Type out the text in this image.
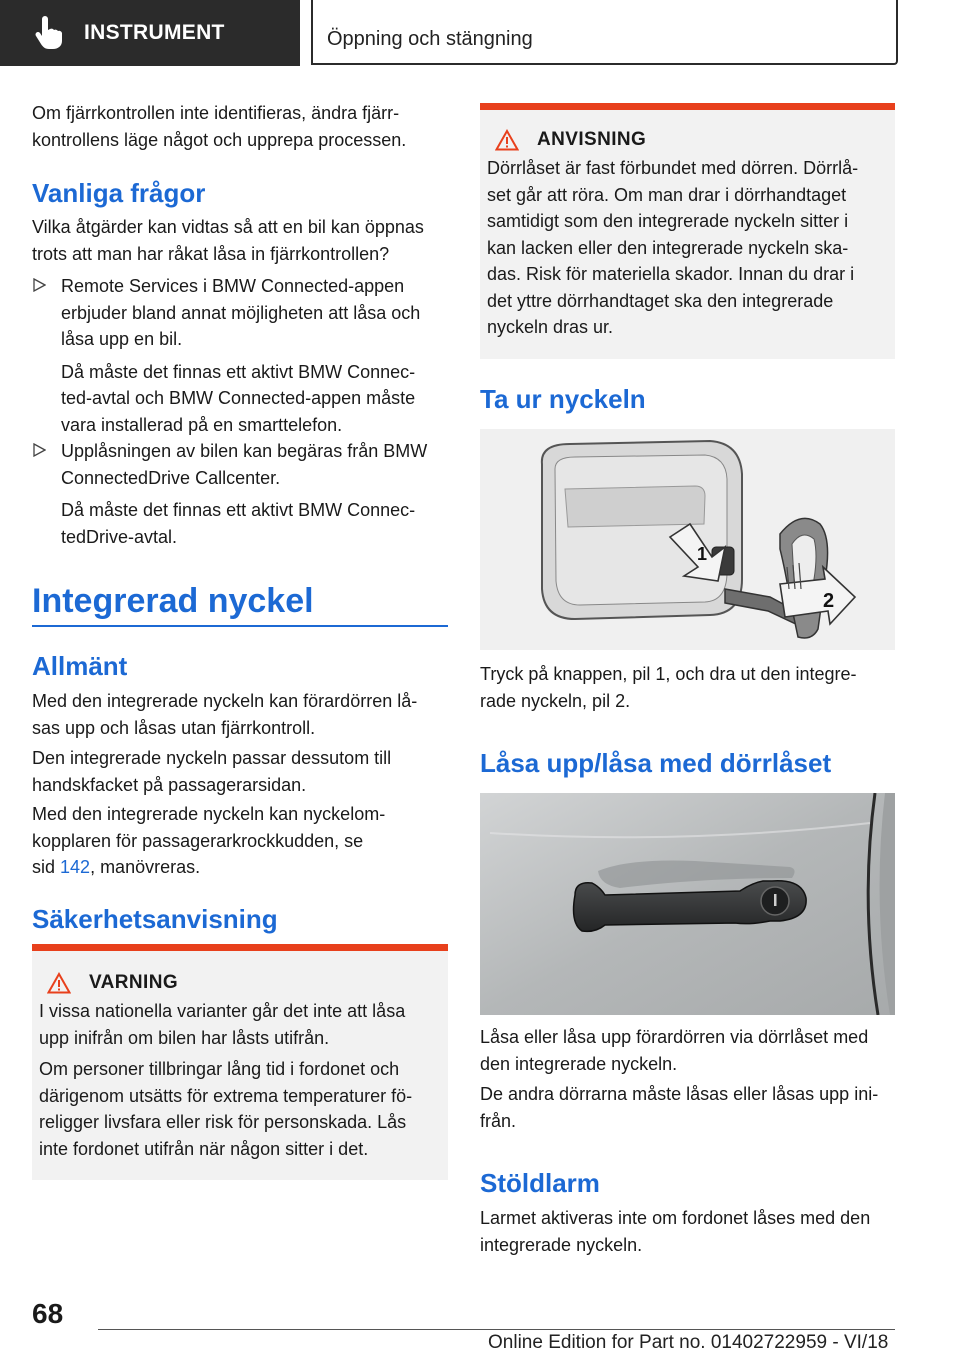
INSTRUMENT	Öppning och stängning

Om fjärrkontrollen inte identifieras, ändra fjärr-

kontrollens läge något och upprepa processen.

Vanliga frågor

Vilka åtgärder kan vidtas så att en bil kan öppnas

trots att man har råkat låsa in fjärrkontrollen?

Remote Services i BMW Connected-appen

erbjuder bland annat möjligheten att låsa och

låsa upp en bil.

Då måste det finnas ett aktivt BMW Connec-

ted-avtal och BMW Connected-appen måste

vara installerad på en smarttelefon.

Upplåsningen av bilen kan begäras från BMW

ConnectedDrive Callcenter.

Då måste det finnas ett aktivt BMW Connec-

tedDrive-avtal.

Integrerad nyckel
Allmänt

Med den integrerade nyckeln kan förardörren lå-

sas upp och låsas utan fjärrkontroll.

Den integrerade nyckeln passar dessutom till

handskfacket på passagerarsidan.

Med den integrerade nyckeln kan nyckelom-

kopplaren för passagerarkrockkudden, se

sid 142, manövreras.

Säkerhetsanvisning
VARNING

I vissa nationella varianter går det inte att låsa

upp inifrån om bilen har låsts utifrån.

Om personer tillbringar lång tid i fordonet och

därigenom utsätts för extrema temperaturer fö-

religger livsfara eller risk för personskada. Lås

inte fordonet utifrån när någon sitter i det.

ANVISNING

Dörrlåset är fast förbundet med dörren. Dörrlå-

set går att röra. Om man drar i dörrhandtaget

samtidigt som den integrerade nyckeln sitter i

kan lacken eller den integrerade nyckeln ska-

das. Risk för materiella skador. Innan du drar i

det yttre dörrhandtaget ska den integrerade

nyckeln dras ur.

Ta ur nyckeln
1
2

Tryck på knappen, pil 1, och dra ut den integre-

rade nyckeln, pil 2.

Låsa upp/låsa med dörrlåset

Låsa eller låsa upp förardörren via dörrlåset med

den integrerade nyckeln.

De andra dörrarna måste låsas eller låsas upp ini-

från.

Stöldlarm

Larmet aktiveras inte om fordonet låses med den

integrerade nyckeln.

68
Online Edition for Part no. 01402722959 - VI/18
